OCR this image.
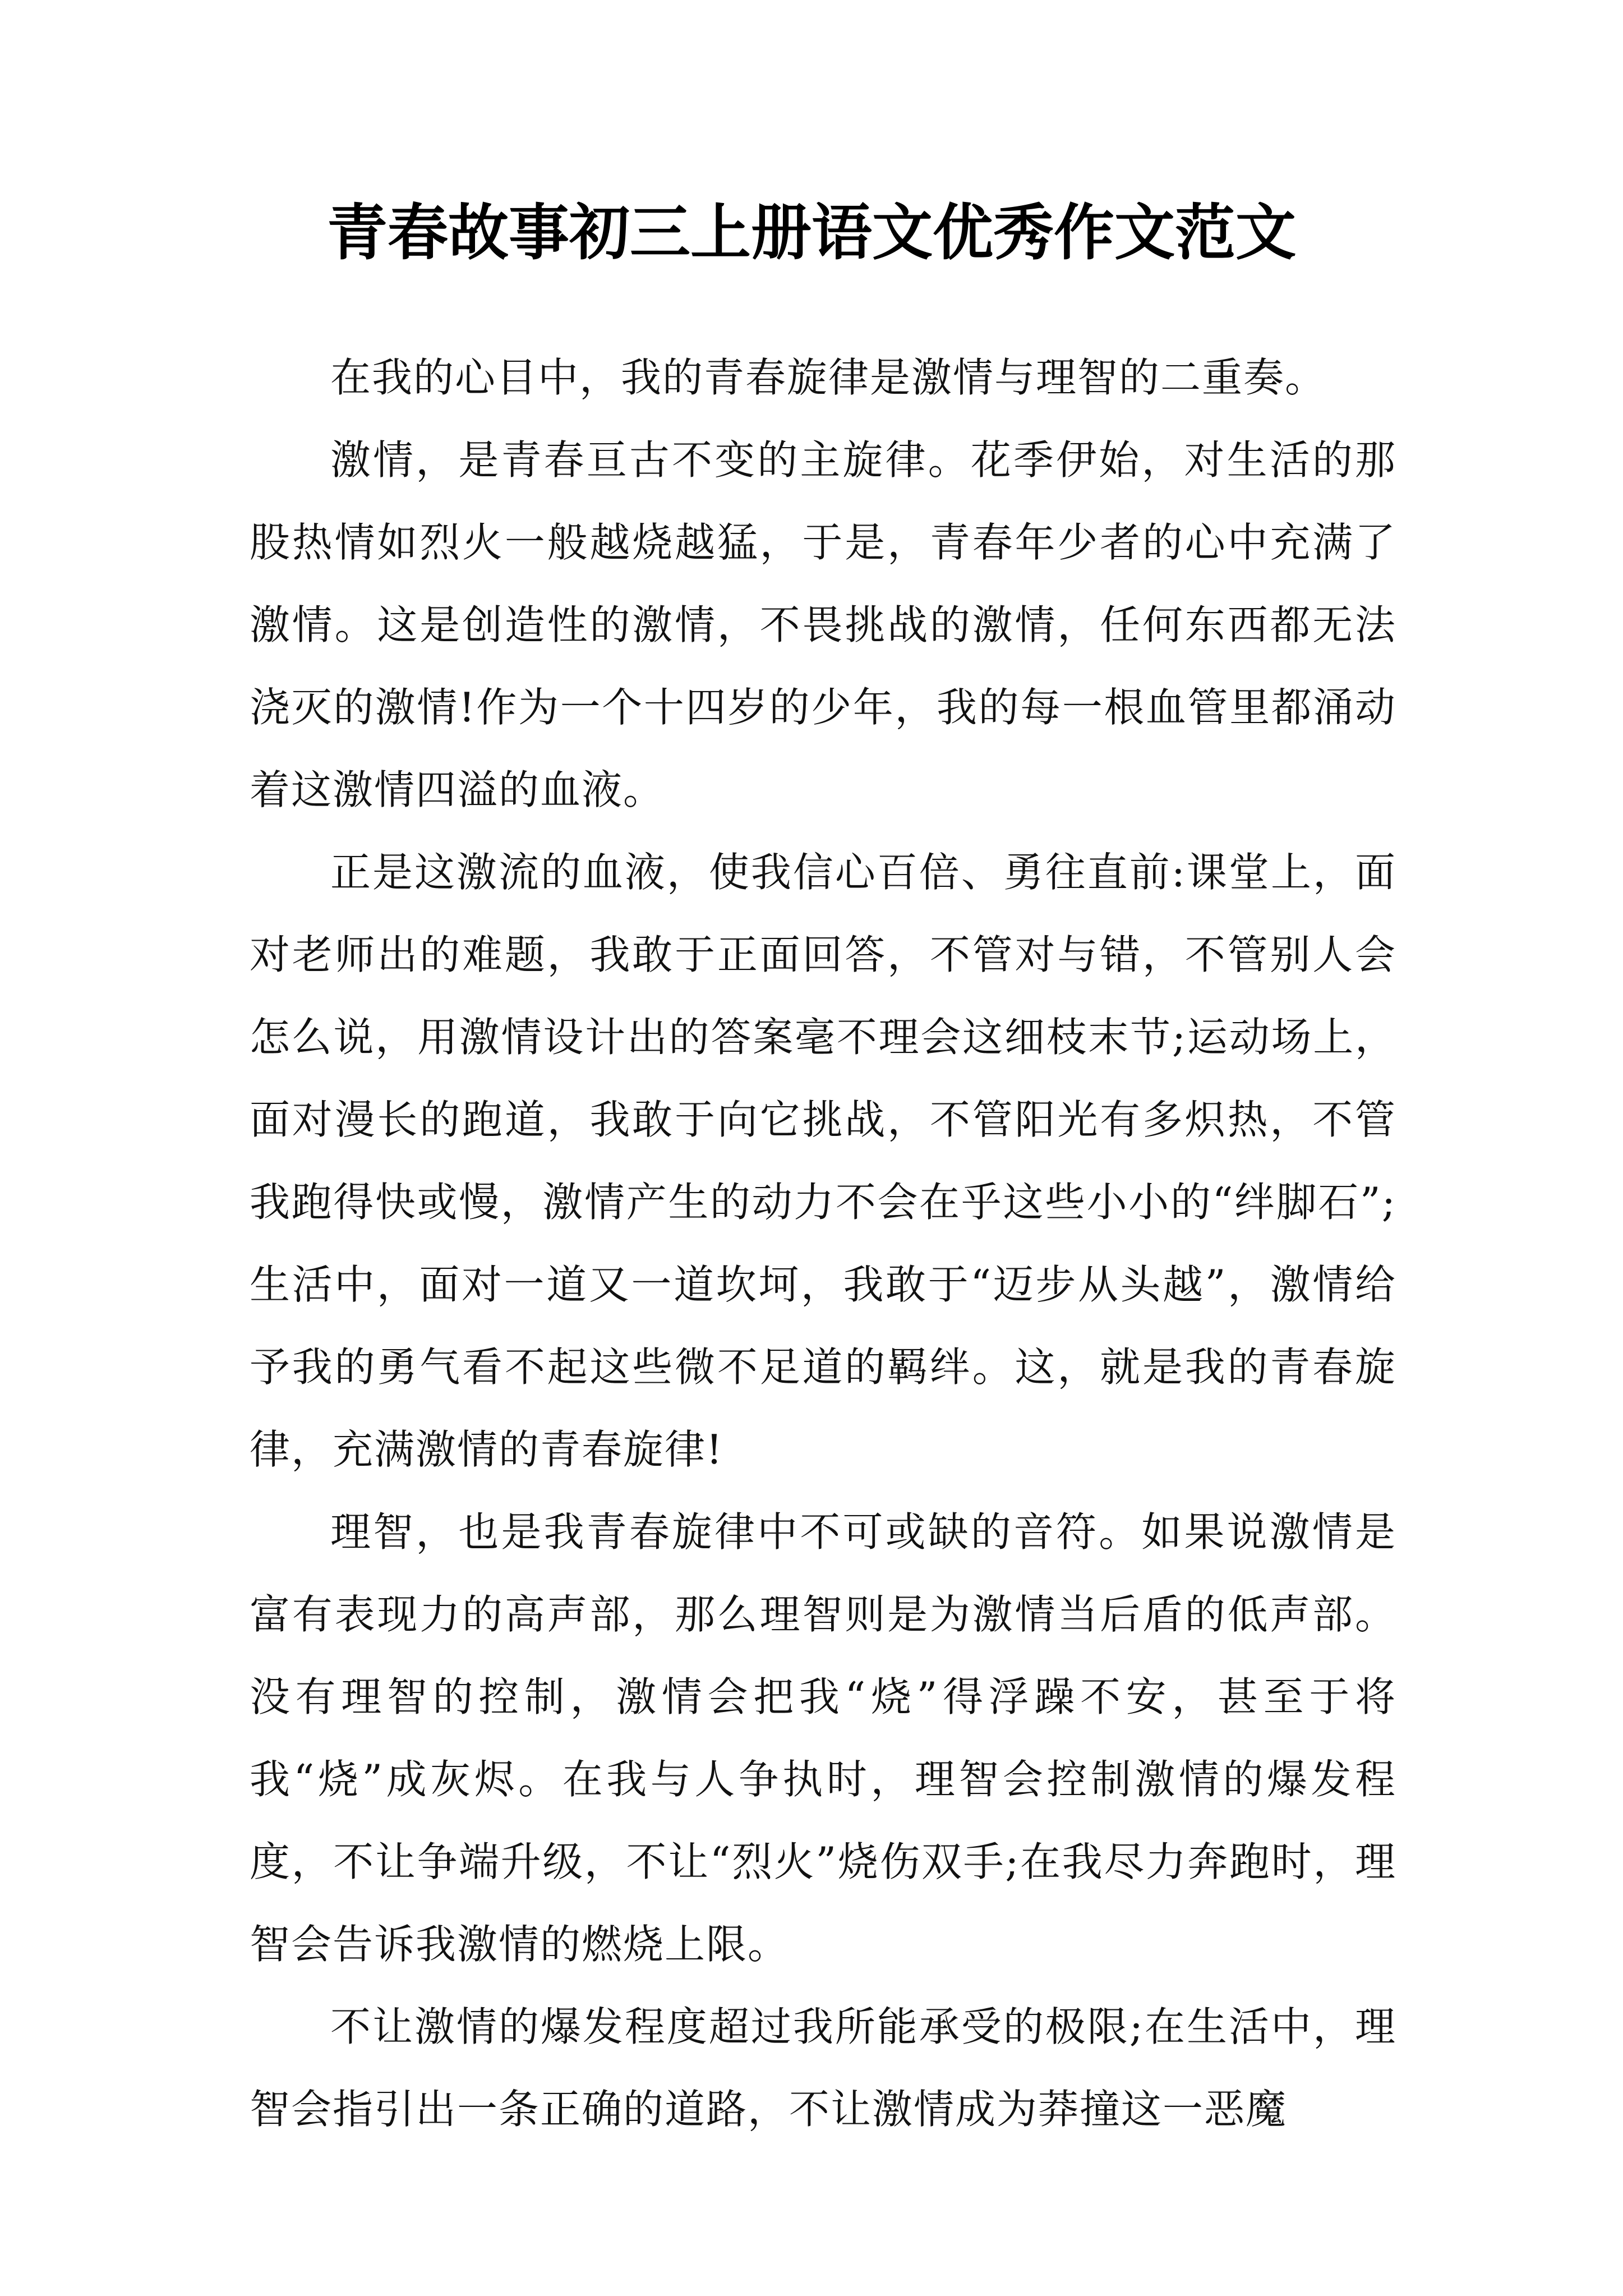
青春故事初三上册语文优秀作文范文

在我的心目中，我的青春旋律是激情与理智的二重奏。

激情，是青春亘古不变的主旋律。花季伊始，对生活的那股热情如烈火一般越烧越猛，于是，青春年少者的心中充满了激情。这是创造性的激情，不畏挑战的激情，任何东西都无法浇灭的激情!作为一个十四岁的少年，我的每一根血管里都涌动着这激情四溢的血液。

正是这激流的血液，使我信心百倍、勇往直前:课堂上，面对老师出的难题，我敢于正面回答，不管对与错，不管别人会怎么说，用激情设计出的答案毫不理会这细枝末节;运动场上，面对漫长的跑道，我敢于向它挑战，不管阳光有多炽热，不管我跑得快或慢，激情产生的动力不会在乎这些小小的“绊脚石”;生活中，面对一道又一道坎坷，我敢于“迈步从头越”，激情给予我的勇气看不起这些微不足道的羁绊。这，就是我的青春旋律，充满激情的青春旋律!

理智，也是我青春旋律中不可或缺的音符。如果说激情是富有表现力的高声部，那么理智则是为激情当后盾的低声部。没有理智的控制，激情会把我“烧”得浮躁不安，甚至于将我“烧”成灰烬。在我与人争执时，理智会控制激情的爆发程度，不让争端升级，不让“烈火”烧伤双手;在我尽力奔跑时，理智会告诉我激情的燃烧上限。

不让激情的爆发程度超过我所能承受的极限;在生活中，理智会指引出一条正确的道路，不让激情成为莽撞这一恶魔
